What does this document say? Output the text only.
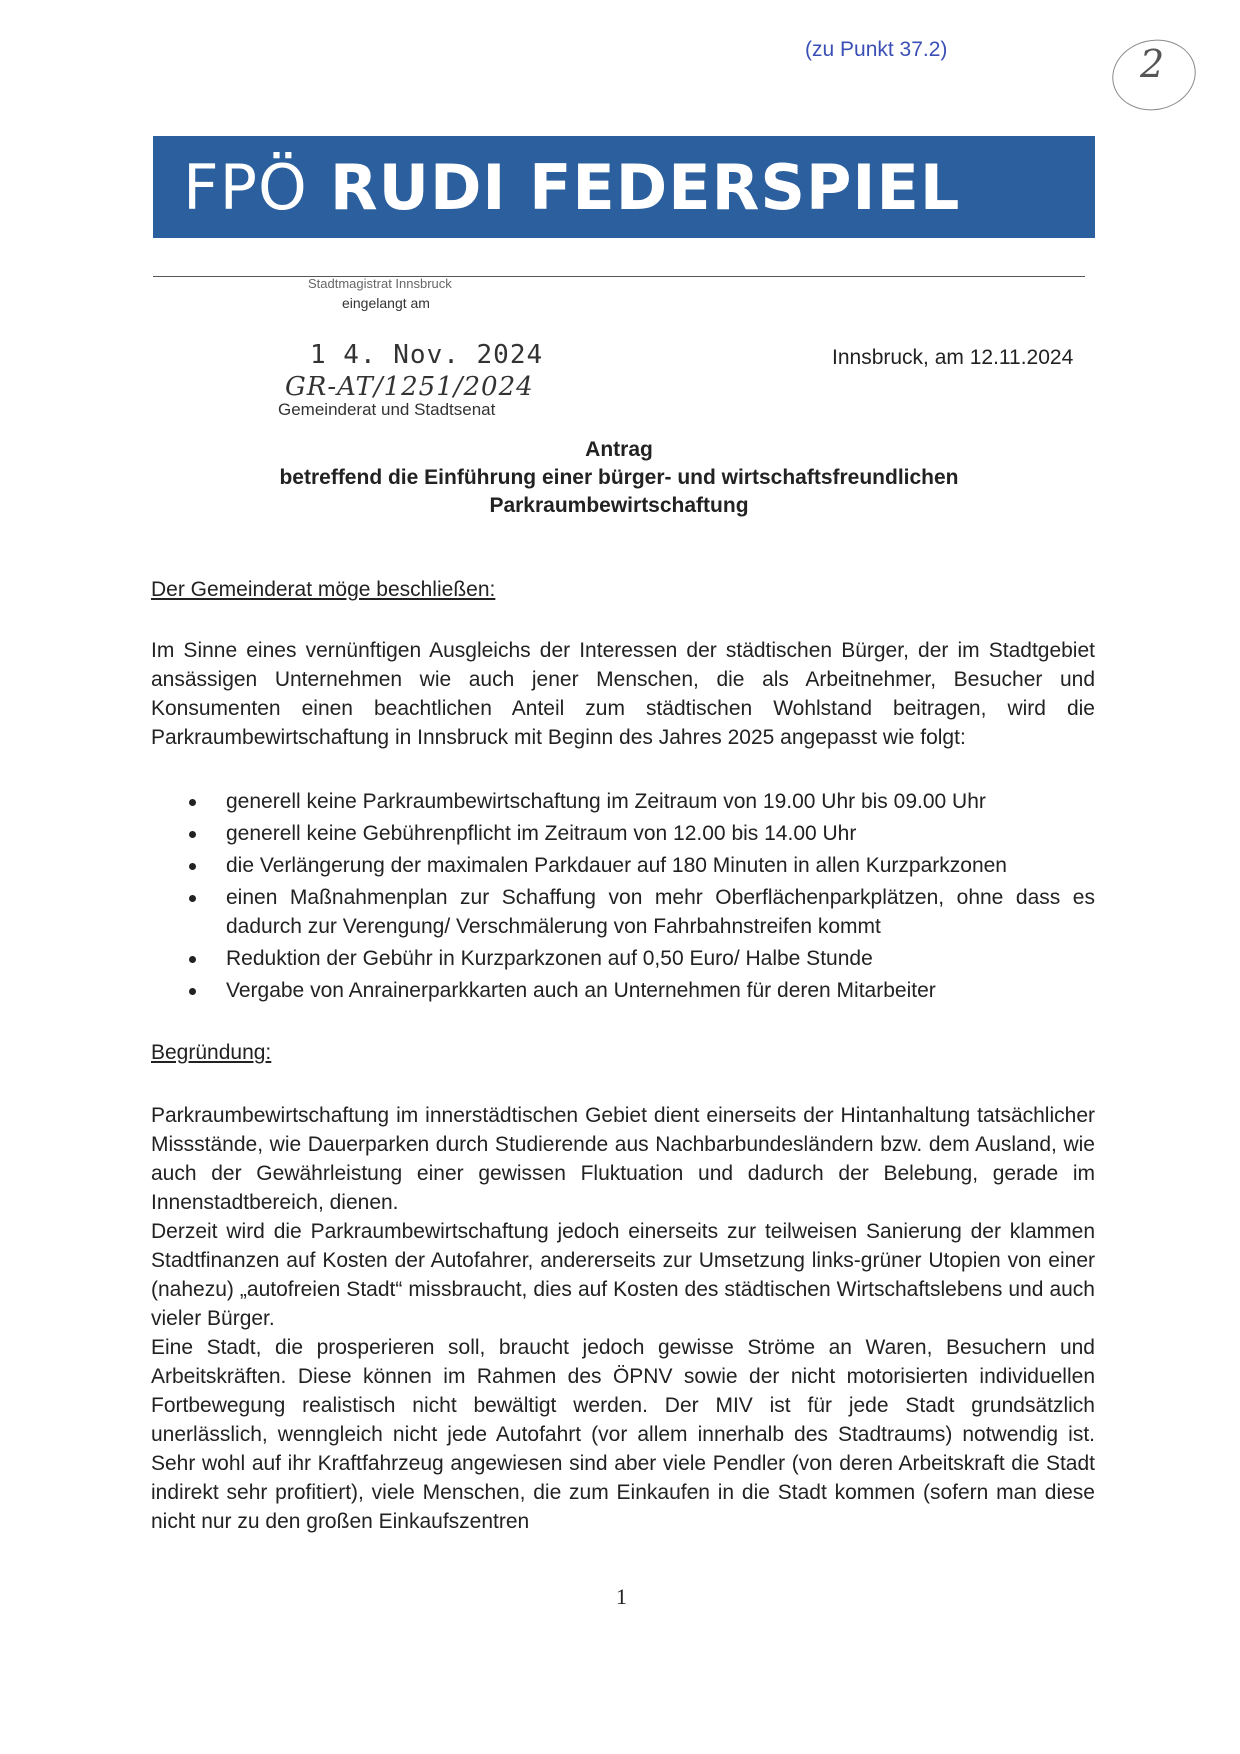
(zu Punkt 37.2)	2
FPÖ RUDI FEDERSPIEL
Stadtmagistrat Innsbruck
eingelangt am
1 4. Nov. 2024
GR-AT/1251/2024
Gemeinderat und Stadtsenat
Innsbruck, am 12.11.2024
Antrag
betreffend die Einführung einer bürger- und wirtschaftsfreundlichen
Parkraumbewirtschaftung
Der Gemeinderat möge beschließen:
Im Sinne eines vernünftigen Ausgleichs der Interessen der städtischen Bürger, der im Stadtgebiet ansässigen Unternehmen wie auch jener Menschen, die als Arbeitnehmer, Besucher und Konsumenten einen beachtlichen Anteil zum städtischen Wohlstand beitragen, wird die Parkraumbewirtschaftung in Innsbruck mit Beginn des Jahres 2025 angepasst wie folgt:
generell keine Parkraumbewirtschaftung im Zeitraum von 19.00 Uhr bis 09.00 Uhr
generell keine Gebührenpflicht im Zeitraum von 12.00 bis 14.00 Uhr
die Verlängerung der maximalen Parkdauer auf 180 Minuten in allen Kurzparkzonen
einen Maßnahmenplan zur Schaffung von mehr Oberflächenparkplätzen, ohne dass es dadurch zur Verengung/ Verschmälerung von Fahrbahnstreifen kommt
Reduktion der Gebühr in Kurzparkzonen auf 0,50 Euro/ Halbe Stunde
Vergabe von Anrainerparkkarten auch an Unternehmen für deren Mitarbeiter
Begründung:

Parkraumbewirtschaftung im innerstädtischen Gebiet dient einerseits der Hintanhaltung tatsächlicher Missstände, wie Dauerparken durch Studierende aus Nachbarbundesländern bzw. dem Ausland, wie auch der Gewährleistung einer gewissen Fluktuation und dadurch der Belebung, gerade im Innenstadtbereich, dienen.

Derzeit wird die Parkraumbewirtschaftung jedoch einerseits zur teilweisen Sanierung der klammen Stadtfinanzen auf Kosten der Autofahrer, andererseits zur Umsetzung links-grüner Utopien von einer (nahezu) „autofreien Stadt“ missbraucht, dies auf Kosten des städtischen Wirtschaftslebens und auch vieler Bürger.

Eine Stadt, die prosperieren soll, braucht jedoch gewisse Ströme an Waren, Besuchern und Arbeitskräften. Diese können im Rahmen des ÖPNV sowie der nicht motorisierten individuellen Fortbewegung realistisch nicht bewältigt werden. Der MIV ist für jede Stadt grundsätzlich unerlässlich, wenngleich nicht jede Autofahrt (vor allem innerhalb des Stadtraums) notwendig ist. Sehr wohl auf ihr Kraftfahrzeug angewiesen sind aber viele Pendler (von deren Arbeitskraft die Stadt indirekt sehr profitiert), viele Menschen, die zum Einkaufen in die Stadt kommen (sofern man diese nicht nur zu den großen Einkaufszentren

1
